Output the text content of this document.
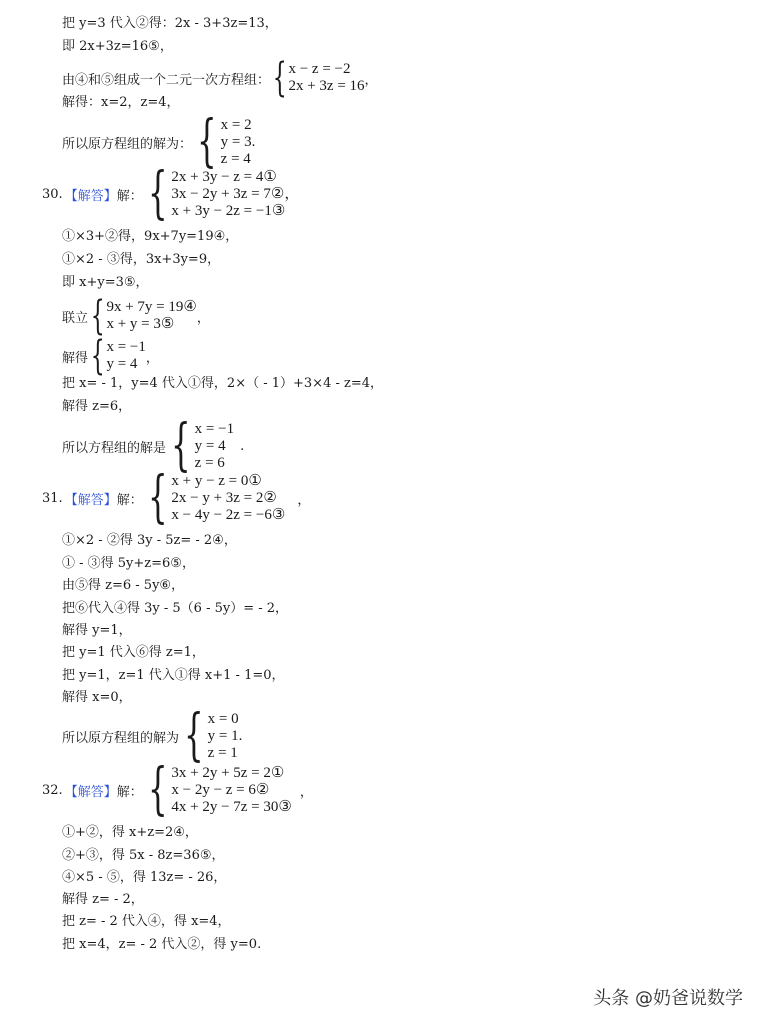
把 y=3 代入②得：2x - 3+3z=13，
即 2x+3z=16⑤，
由④和⑤组成一个二元一次方程组： { x − z = −2
2x + 3z = 16 ，
解得：x=2，z=4，
所以原方程组的解为： { x = 2
y = 3.
z = 4
30. 【解答】 解： { 2x + 3y − z = 4①
3x − 2y + 3z = 7②，
x + 3y − 2z = −1③
①×3+②得，9x+7y=19④，
①×2 - ③得，3x+3y=9，
即 x+y=3⑤，
联立 { 9x + 7y = 19④
x + y = 3⑤	，
解得 { x = −1
y = 4 ，
把 x= - 1，y=4 代入①得，2×（ - 1）+3×4 - z=4，
解得 z=6，
所以方程组的解是 { x = −1
y = 4
z = 6
.
31. 【解答】 解： { x + y − z = 0①
2x − y + 3z = 2②
x − 4y − 2z = −6③
，
①×2 - ②得 3y - 5z= - 2④，
① - ③得 5y+z=6⑤，
由⑤得 z=6 - 5y⑥，
把⑥代入④得 3y - 5（6 - 5y）= - 2，
解得 y=1，
把 y=1 代入⑥得 z=1，
把 y=1，z=1 代入①得 x+1 - 1=0，
解得 x=0，
所以原方程组的解为 { x = 0
y = 1.
z = 1
32. 【解答】 解： { 3x + 2y + 5z = 2①
x − 2y − z = 6②
4x + 2y − 7z = 30③
，
①+②，得 x+z=2④，
②+③，得 5x - 8z=36⑤，
④×5 - ⑤，得 13z= - 26，
解得 z= - 2，
把 z= - 2 代入④，得 x=4，
把 x=4，z= - 2 代入②，得 y=0.
头条 @奶爸说数学
